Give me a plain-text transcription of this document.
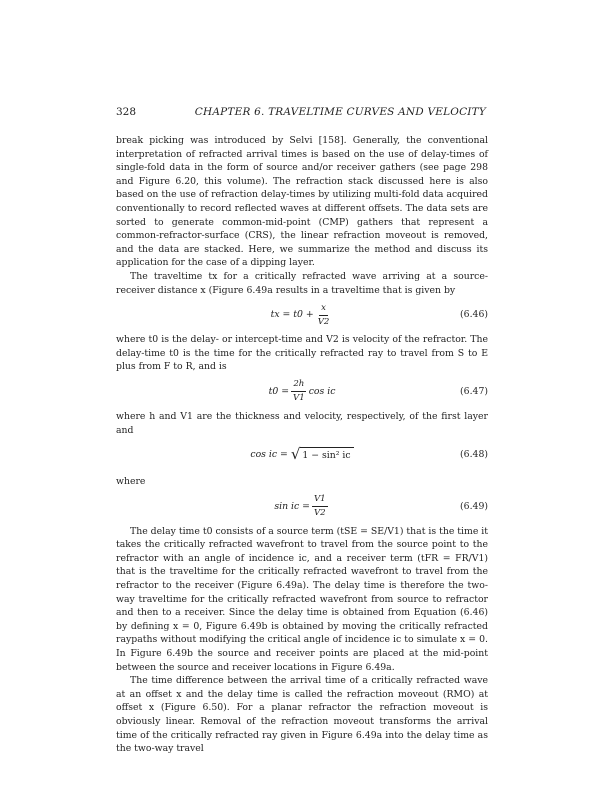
328	CHAPTER 6. TRAVELTIME CURVES AND VELOCITY

break picking was introduced by Selvi [158]. Generally, the conventional interpretation of refracted arrival times is based on the use of delay-times of single-fold data in the form of source and/or receiver gathers (see page 298 and Figure 6.20, this volume). The refraction stack discussed here is also based on the use of refraction delay-times by utilizing multi-fold data acquired conventionally to record reflected waves at different offsets. The data sets are sorted to generate common-mid-point (CMP) gathers that represent a common-refractor-surface (CRS), the linear refraction moveout is removed, and the data are stacked. Here, we summarize the method and discuss its application for the case of a dipping layer.

The traveltime tx for a critically refracted wave arriving at a source-receiver distance x (Figure 6.49a results in a traveltime that is given by

tx = $t0 + \frac{x}{V2}$	(6.46)

where t0 is the delay- or intercept-time and V2 is velocity of the refractor. The delay-time t0 is the time for the critically refracted ray to travel from S to E plus from F to R, and is

$t0 = \frac{2h}{V1}$ cos ic	(6.47)

where h and V1 are the thickness and velocity, respectively, of the first layer and

cos ic = √ 1 − sin² ic	(6.48)

where

sin ic = $\frac{V1}{V2}$	(6.49)

The delay time t0 consists of a source term (tSE = SE/V1) that is the time it takes the critically refracted wavefront to travel from the source point to the refractor with an angle of incidence ic, and a receiver term (tFR = FR/V1) that is the traveltime for the critically refracted wavefront to travel from the refractor to the receiver (Figure 6.49a). The delay time is therefore the two-way traveltime for the critically refracted wavefront from source to refractor and then to a receiver. Since the delay time is obtained from Equation (6.46) by defining x = 0, Figure 6.49b is obtained by moving the critically refracted raypaths without modifying the critical angle of incidence ic to simulate x = 0. In Figure 6.49b the source and receiver points are placed at the mid-point between the source and receiver locations in Figure 6.49a.

The time difference between the arrival time of a critically refracted wave at an offset x and the delay time is called the refraction moveout (RMO) at offset x (Figure 6.50). For a planar refractor the refraction moveout is obviously linear. Removal of the refraction moveout transforms the arrival time of the critically refracted ray given in Figure 6.49a into the delay time as the two-way travel
